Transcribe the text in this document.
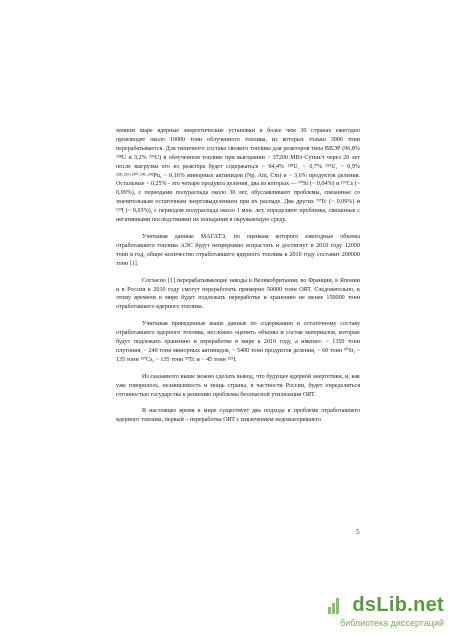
земном шаре ядерные энергетические установки в более чем 30 странах ежегодно производят около 10000 тонн облученного топлива, из которых только 3000 тонн перерабатывается. Для типичного состава свежего топлива для реакторов типа ВВЭР (96,8% ²³⁸U и 3,2% ²³⁵U) в облученном топливе при выгорании ~ 37200 МВт·Сутки/т через 20 лет после выгрузки его из реактора будет содержаться ~ 94,4% ²³⁸U, ~ 0,7% ²³⁵U, ~ 0,9% ²³⁸·²³⁹·²⁴⁰·²⁴¹·²⁴²Pu, ~ 0,16% минорных актинидов (Np, Am, Cm) и ~ 3,6% продуктов деления. Остальные ~ 0,25% - это четыре продукта деления, два из которых — ⁹⁰Sr (~ 0,04%) и ¹³⁷Cs (~ 0,09%), с периодами полураспада около 30 лет, обуславливают проблемы, связанные со значительным остаточным энерговыделением при их распаде. Два других ⁹⁹Tc (~ 0,09%) и ¹²⁹I (~ 0,03%), с периодом полураспада около 1 млн. лет, определяют проблемы, связанные с негативными последствиями их попадания в окружающую среду.

Учитывая данные МАГАТЭ, по оценкам которого ежегодные объемы отработавшего топлива АЭС будут непрерывно возрастать и достигнут в 2010 году 12000 тонн в год, общее количество отработавшего ядерного топлива к 2010 году составит 200000 тонн [1].

Согласно [1] перерабатывающие заводы в Великобритании, во Франции, в Японии и в России к 2010 году смогут переработать примерно 50000 тонн ОЯТ. Следовательно, к этому времени в мире будет подлежать переработке и хранению не менее 150000 тонн отработавшего ядерного топлива.

Учитывая приведенные выше данные по содержанию и остаточному составу отработавшего ядерного топлива, несложно оценить объемы и состав материалов, которые будут подлежать хранению и переработке в мире к 2010 году, а именно: ~ 1350 тонн плутония, ~ 240 тонн минорных актинидов, ~ 5400 тонн продуктов деления, ~ 60 тонн ⁹⁰Sr, ~ 135 тонн ¹³⁷Cs, ~ 135 тонн ⁹⁹Tc и ~ 45 тонн ¹²⁹I.

Из сказанного выше можно сделать вывод, что будущее ядерной энергетики, и, как уже говорилось, независимость и мощь страны, в частности России, будет определяться готовностью государства к решению проблемы безопасной утилизации ОЯТ.

В настоящее время в мире существует два подхода к проблеме отработавшего ядерного топлива, первый – переработка ОЯТ с извлечением недовыгоревшего

5
dsLib.net
библиотека диссертаций
